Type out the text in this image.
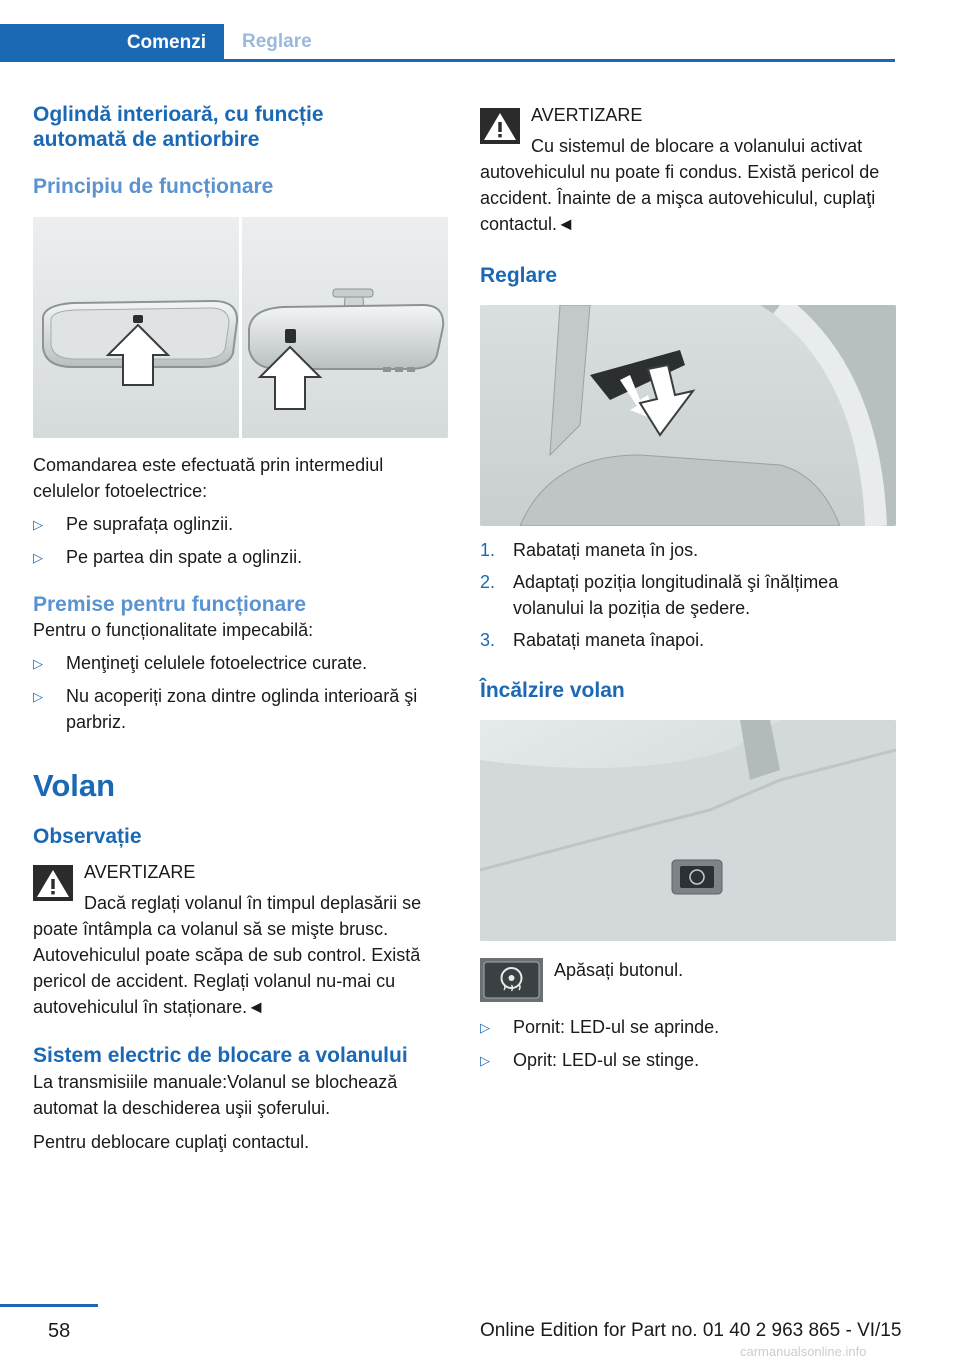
Comenzi	Reglare
Oglindă interioară, cu funcție automată de antiorbire
Principiu de funcționare
Comandarea este efectuată prin intermediul celulelor fotoelectrice:
▷	Pe suprafața oglinzii.
▷	Pe partea din spate a oglinzii.
Premise pentru funcționare
Pentru o funcționalitate impecabilă:
▷	Menţineţi celulele fotoelectrice curate.
▷	Nu acoperiți zona dintre oglinda interioară şi parbriz.
Volan
Observație
AVERTIZARE
Dacă reglați volanul în timpul deplasării se poate întâmpla ca volanul să se mişte brusc. Autovehiculul poate scăpa de sub control. Există pericol de accident. Reglați volanul nu‐mai cu autovehiculul în staționare.◄
Sistem electric de blocare a volanului
La transmisiile manuale:Volanul se blochează automat la deschiderea uşii şoferului.
Pentru deblocare cuplaţi contactul.
AVERTIZARE
Cu sistemul de blocare a volanului activat autovehiculul nu poate fi condus. Există pericol de accident. Înainte de a mişca autovehiculul, cuplaţi contactul.◄
Reglare
1. Rabatați maneta în jos.
2. Adaptați poziția longitudinală şi înălțimea volanului la poziția de şedere.
3. Rabatați maneta înapoi.
Încălzire volan
Apăsați butonul.
▷	Pornit: LED-ul se aprinde.
▷	Oprit: LED-ul se stinge.
58	Online Edition for Part no. 01 40 2 963 865 - VI/15
carmanualsonline.info
